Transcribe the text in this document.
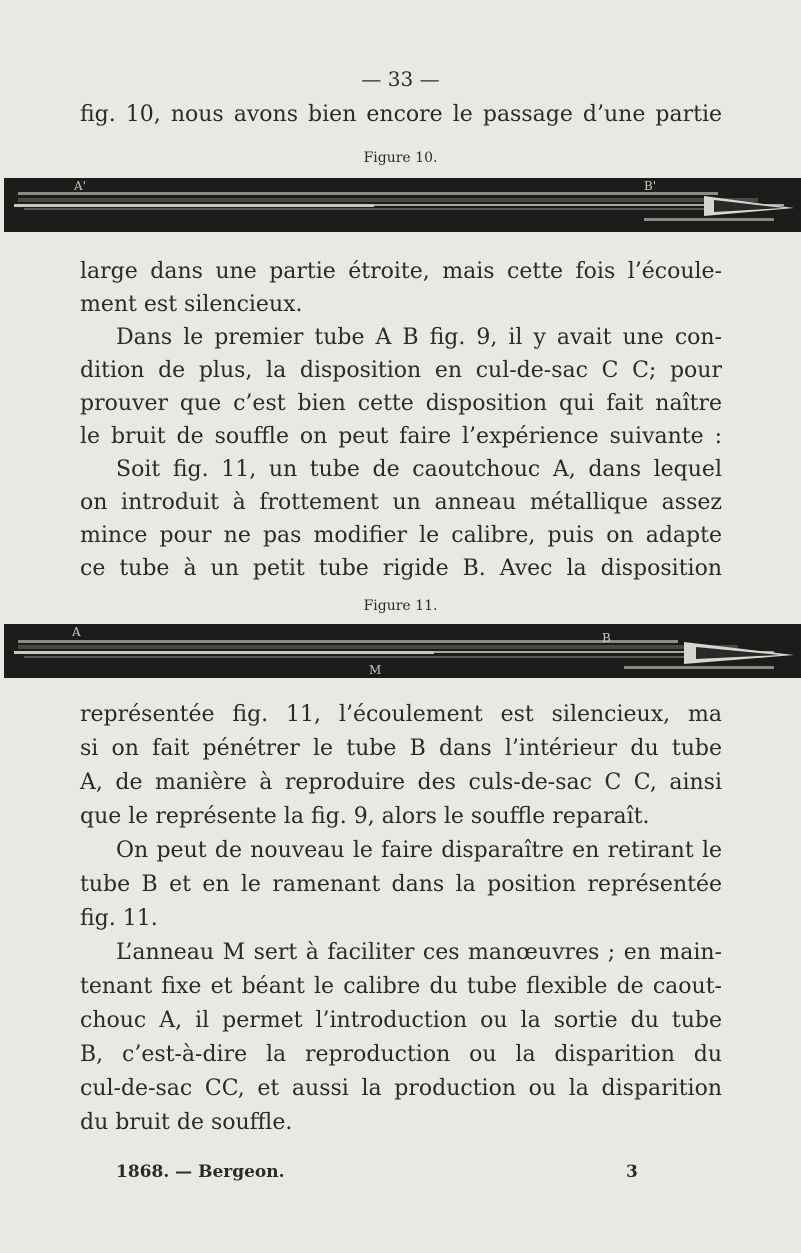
— 33 —
fig. 10, nous avons bien encore le passage d’une partie
Figure 10.
A'	B'
large dans une partie étroite, mais cette fois l’écoule-
ment est silencieux.
Dans le premier tube A B fig. 9, il y avait une con-
dition de plus, la disposition en cul-de-sac C C; pour
prouver que c’est bien cette disposition qui fait naître
le bruit de souffle on peut faire l’expérience suivante :
Soit fig. 11, un tube de caoutchouc A, dans lequel
on introduit à frottement un anneau métallique assez
mince pour ne pas modifier le calibre, puis on adapte
ce tube à un petit tube rigide B. Avec la disposition
Figure 11.
A	B
M
représentée fig. 11, l’écoulement est silencieux, ma
si on fait pénétrer le tube B dans l’intérieur du tube
A, de manière à reproduire des culs-de-sac C C, ainsi
que le représente la fig. 9, alors le souffle reparaît.
On peut de nouveau le faire disparaître en retirant le
tube B et en le ramenant dans la position représentée
fig. 11.
L’anneau M sert à faciliter ces manœuvres ; en main-
tenant fixe et béant le calibre du tube flexible de caout-
chouc A, il permet l’introduction ou la sortie du tube
B, c’est-à-dire la reproduction ou la disparition du
cul-de-sac CC, et aussi la production ou la disparition
du bruit de souffle.
1868. — Bergeon.	3
